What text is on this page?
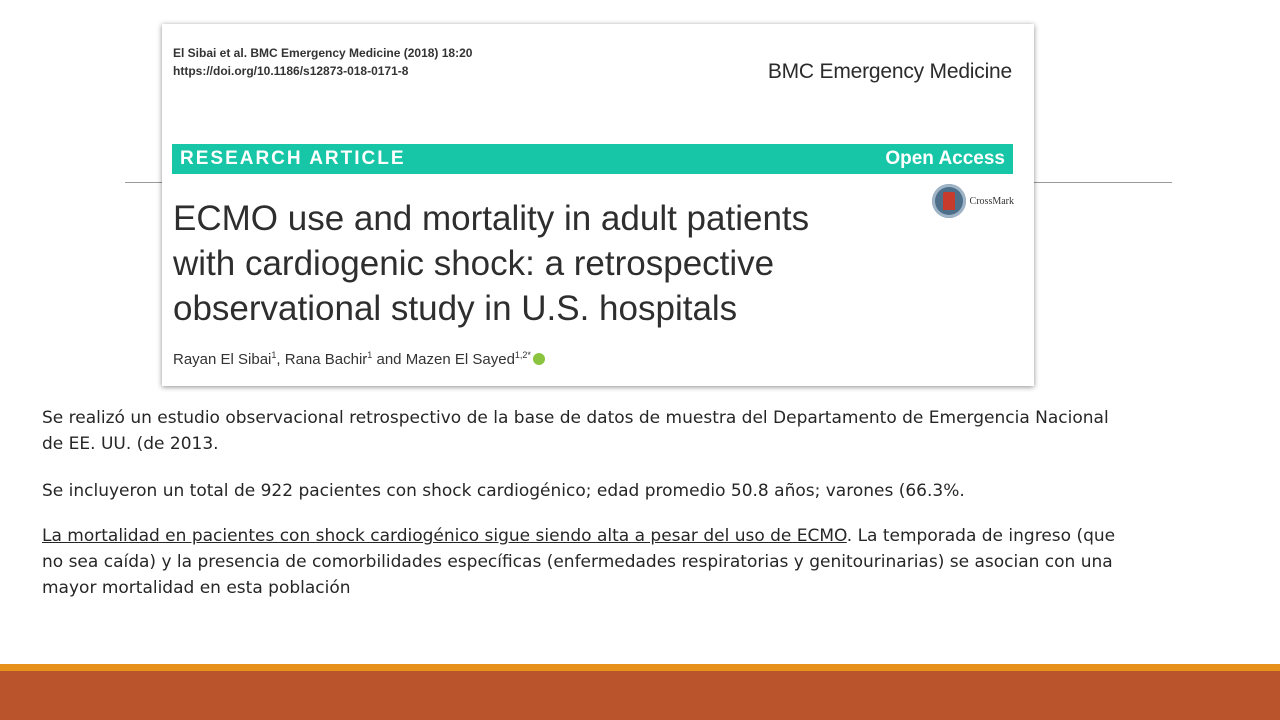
El Sibai et al. BMC Emergency Medicine (2018) 18:20
https://doi.org/10.1186/s12873-018-0171-8	BMC Emergency Medicine
RESEARCH ARTICLE	Open Access
CrossMark
ECMO use and mortality in adult patients
with cardiogenic shock: a retrospective
observational study in U.S. hospitals
Rayan El Sibai$^1$, Rana Bachir$^1$ and Mazen El Sayed$^{1,2*}$

Se realizó un estudio observacional retrospectivo de la base de datos de muestra del Departamento de Emergencia Nacional de EE. UU. (de 2013.

Se incluyeron un total de 922 pacientes con shock cardiogénico; edad promedio 50.8 años; varones (66.3%.

La mortalidad en pacientes con shock cardiogénico sigue siendo alta a pesar del uso de ECMO. La temporada de ingreso (que no sea caída) y la presencia de comorbilidades específicas (enfermedades respiratorias y genitourinarias) se asocian con una mayor mortalidad en esta población
